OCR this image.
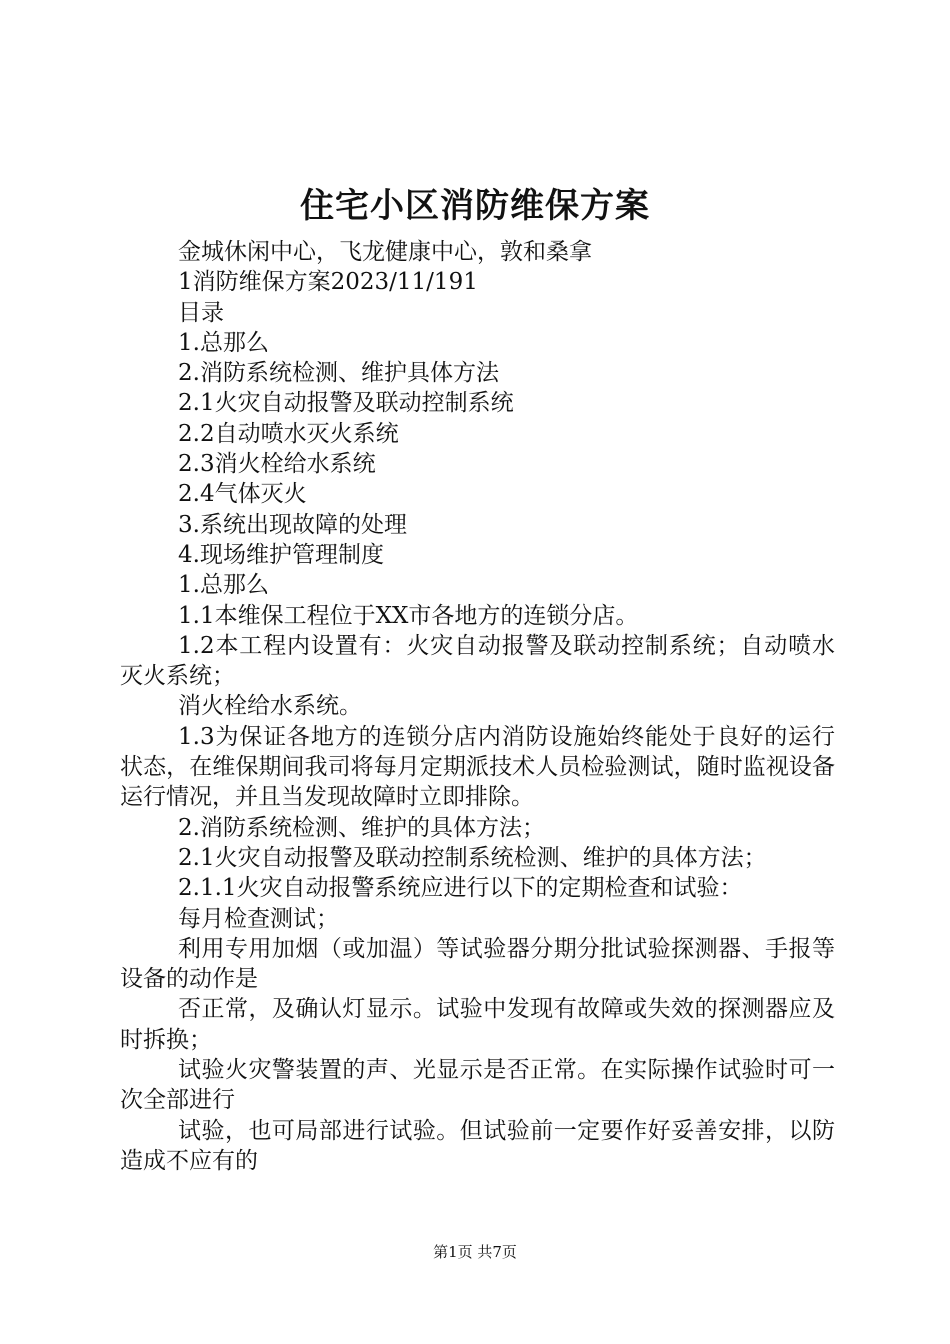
住宅小区消防维保方案

金城休闲中心，飞龙健康中心，敦和桑拿

1消防维保方案2023/11/191

目录

1.总那么

2.消防系统检测、维护具体方法

2.1火灾自动报警及联动控制系统

2.2自动喷水灭火系统

2.3消火栓给水系统

2.4气体灭火

3.系统出现故障的处理

4.现场维护管理制度

1.总那么

1.1本维保工程位于XX市各地方的连锁分店。

1.2本工程内设置有：火灾自动报警及联动控制系统；自动喷水灭火系统；

消火栓给水系统。

1.3为保证各地方的连锁分店内消防设施始终能处于良好的运行状态，在维保期间我司将每月定期派技术人员检验测试，随时监视设备运行情况，并且当发现故障时立即排除。

2.消防系统检测、维护的具体方法；

2.1火灾自动报警及联动控制系统检测、维护的具体方法；

2.1.1火灾自动报警系统应进行以下的定期检查和试验：

每月检查测试；

利用专用加烟（或加温）等试验器分期分批试验探测器、手报等设备的动作是

否正常，及确认灯显示。试验中发现有故障或失效的探测器应及时拆换；

试验火灾警装置的声、光显示是否正常。在实际操作试验时可一次全部进行

试验，也可局部进行试验。但试验前一定要作好妥善安排，以防造成不应有的

第1页 共7页
